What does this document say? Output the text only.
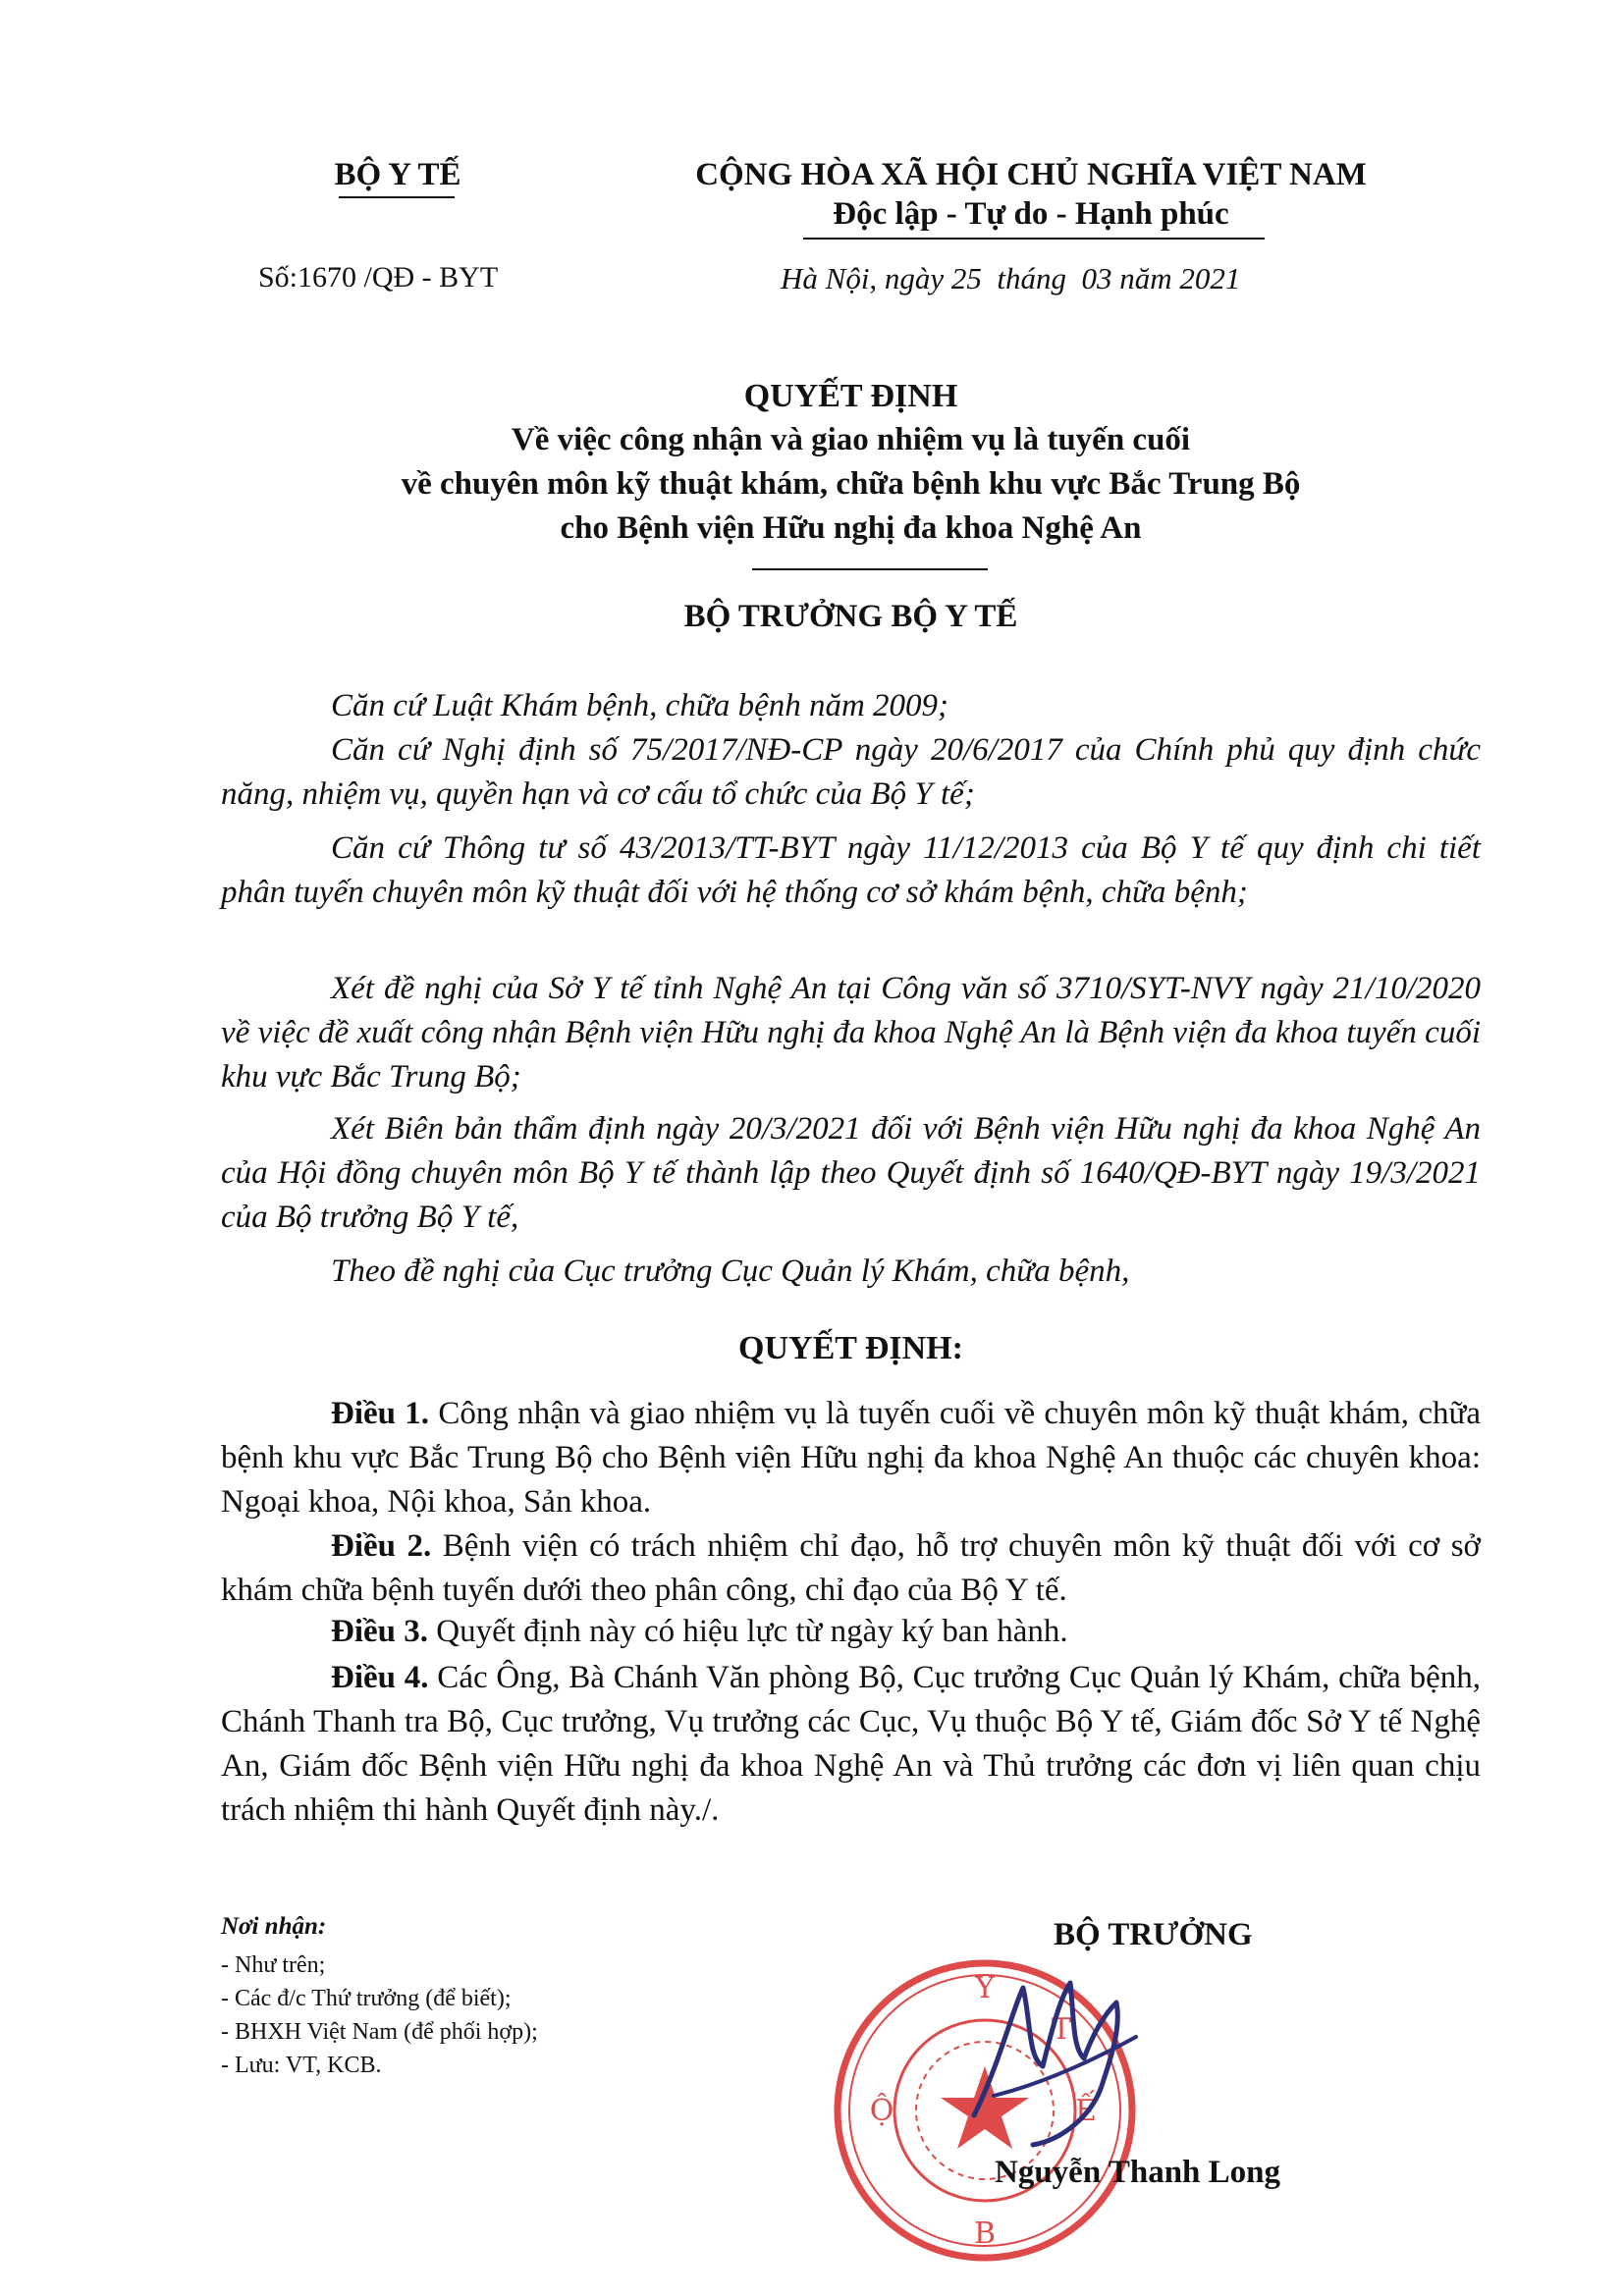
BỘ Y TẾ
Số:1670 /QĐ - BYT
CỘNG HÒA XÃ HỘI CHỦ NGHĨA VIỆT NAM
Độc lập - Tự do - Hạnh phúc
Hà Nội, ngày 25  tháng  03 năm 2021
QUYẾT ĐỊNH
Về việc công nhận và giao nhiệm vụ là tuyến cuối
về chuyên môn kỹ thuật khám, chữa bệnh khu vực Bắc Trung Bộ
cho Bệnh viện Hữu nghị đa khoa Nghệ An
BỘ TRƯỞNG BỘ Y TẾ
Căn cứ Luật Khám bệnh, chữa bệnh năm 2009;
Căn cứ Nghị định số 75/2017/NĐ-CP ngày 20/6/2017 của Chính phủ quy định chức năng, nhiệm vụ, quyền hạn và cơ cấu tổ chức của Bộ Y tế;
Căn cứ Thông tư số 43/2013/TT-BYT ngày 11/12/2013 của Bộ Y tế quy định chi tiết phân tuyến chuyên môn kỹ thuật đối với hệ thống cơ sở khám bệnh, chữa bệnh;
Xét đề nghị của Sở Y tế tỉnh Nghệ An tại Công văn số 3710/SYT-NVY ngày 21/10/2020 về việc đề xuất công nhận Bệnh viện Hữu nghị đa khoa Nghệ An là Bệnh viện đa khoa tuyến cuối khu vực Bắc Trung Bộ;
Xét Biên bản thẩm định ngày 20/3/2021 đối với Bệnh viện Hữu nghị đa khoa Nghệ An của Hội đồng chuyên môn Bộ Y tế thành lập theo Quyết định số 1640/QĐ-BYT ngày 19/3/2021 của Bộ trưởng Bộ Y tế,
Theo đề nghị của Cục trưởng Cục Quản lý Khám, chữa bệnh,
QUYẾT ĐỊNH:
Điều 1. Công nhận và giao nhiệm vụ là tuyến cuối về chuyên môn kỹ thuật khám, chữa bệnh khu vực Bắc Trung Bộ cho Bệnh viện Hữu nghị đa khoa Nghệ An thuộc các chuyên khoa: Ngoại khoa, Nội khoa, Sản khoa.
Điều 2. Bệnh viện có trách nhiệm chỉ đạo, hỗ trợ chuyên môn kỹ thuật đối với cơ sở khám chữa bệnh tuyến dưới theo phân công, chỉ đạo của Bộ Y tế.
Điều 3. Quyết định này có hiệu lực từ ngày ký ban hành.
Điều 4. Các Ông, Bà Chánh Văn phòng Bộ, Cục trưởng Cục Quản lý Khám, chữa bệnh, Chánh Thanh tra Bộ, Cục trưởng, Vụ trưởng các Cục, Vụ thuộc Bộ Y tế, Giám đốc Sở Y tế Nghệ An, Giám đốc Bệnh viện Hữu nghị đa khoa Nghệ An và Thủ trưởng các đơn vị liên quan chịu trách nhiệm thi hành Quyết định này./.
Nơi nhận:
- Như trên;
- Các đ/c Thứ trưởng (để biết);
- BHXH Việt Nam (để phối hợp);
- Lưu: VT, KCB.
BỘ TRƯỞNG
Y
Ộ	Ế
B
T
Nguyễn Thanh Long
